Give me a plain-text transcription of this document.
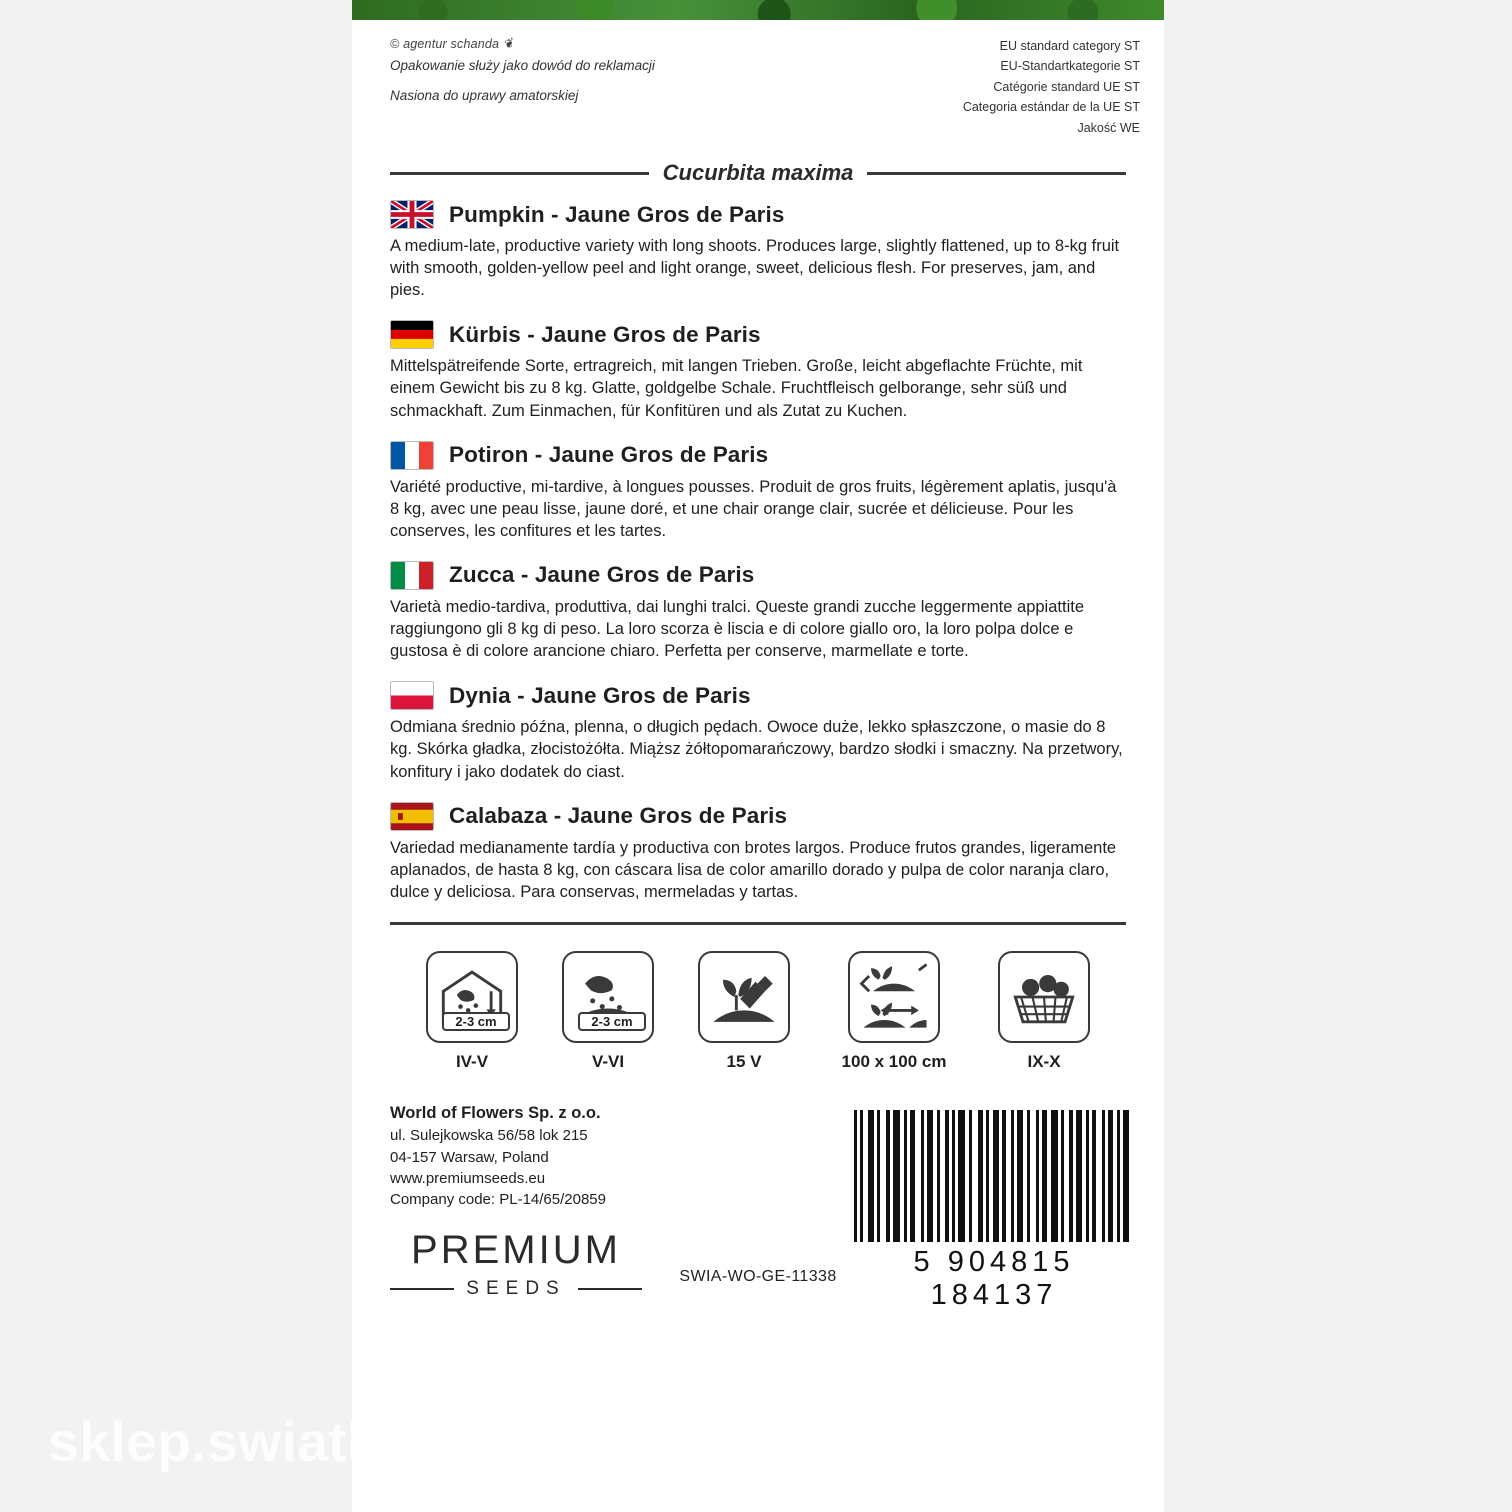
© agentur schanda ❦

Opakowanie służy jako dowód do reklamacji

Nasiona do uprawy amatorskiej

EU standard category ST
EU-Standartkategorie ST
Catégorie standard UE ST
Categoria estándar de la UE ST
Jakość WE
Cucurbita maxima
Pumpkin - Jaune Gros de Paris
A medium-late, productive variety with long shoots. Produces large, slightly flattened, up to 8-kg fruit with smooth, golden-yellow peel and light orange, sweet, delicious flesh. For preserves, jam, and pies.
Kürbis - Jaune Gros de Paris
Mittelspätreifende Sorte, ertragreich, mit langen Trieben. Große, leicht abgeflachte Früchte, mit einem Gewicht bis zu 8 kg. Glatte, goldgelbe Schale. Fruchtfleisch gelborange, sehr süß und schmackhaft. Zum Einmachen, für Konfitüren und als Zutat zu Kuchen.
Potiron - Jaune Gros de Paris
Variété productive, mi-tardive, à longues pousses. Produit de gros fruits, légèrement aplatis, jusqu'à 8 kg, avec une peau lisse, jaune doré, et une chair orange clair, sucrée et délicieuse. Pour les conserves, les confitures et les tartes.
Zucca - Jaune Gros de Paris
Varietà medio-tardiva, produttiva, dai lunghi tralci. Queste grandi zucche leggermente appiattite raggiungono gli 8 kg di peso. La loro scorza è liscia e di colore giallo oro, la loro polpa dolce e gustosa è di colore arancione chiaro. Perfetta per conserve, marmellate e torte.
Dynia - Jaune Gros de Paris
Odmiana średnio późna, plenna, o długich pędach. Owoce duże, lekko spłaszczone, o masie do 8 kg. Skórka gładka, złocistożółta. Miąższ żółtopomarańczowy, bardzo słodki i smaczny. Na przetwory, konfitury i jako dodatek do ciast.
Calabaza - Jaune Gros de Paris
Variedad medianamente tardía y productiva con brotes largos. Produce frutos grandes, ligeramente aplanados, de hasta 8 kg, con cáscara lisa de color amarillo dorado y pulpa de color naranja claro, dulce y deliciosa. Para conservas, mermeladas y tartas.
2-3 cm
IV-V
2-3 cm
V-VI	15 V	100 x 100 cm	IX-X
World of Flowers Sp. z o.o.
ul. Sulejkowska 56/58 lok 215
04-157 Warsaw, Poland
www.premiumseeds.eu
Company code: PL-14/65/20859
PREMIUM
SEEDS
5 904815 184137
SWIA-WO-GE-11338
sklep.swiatk
